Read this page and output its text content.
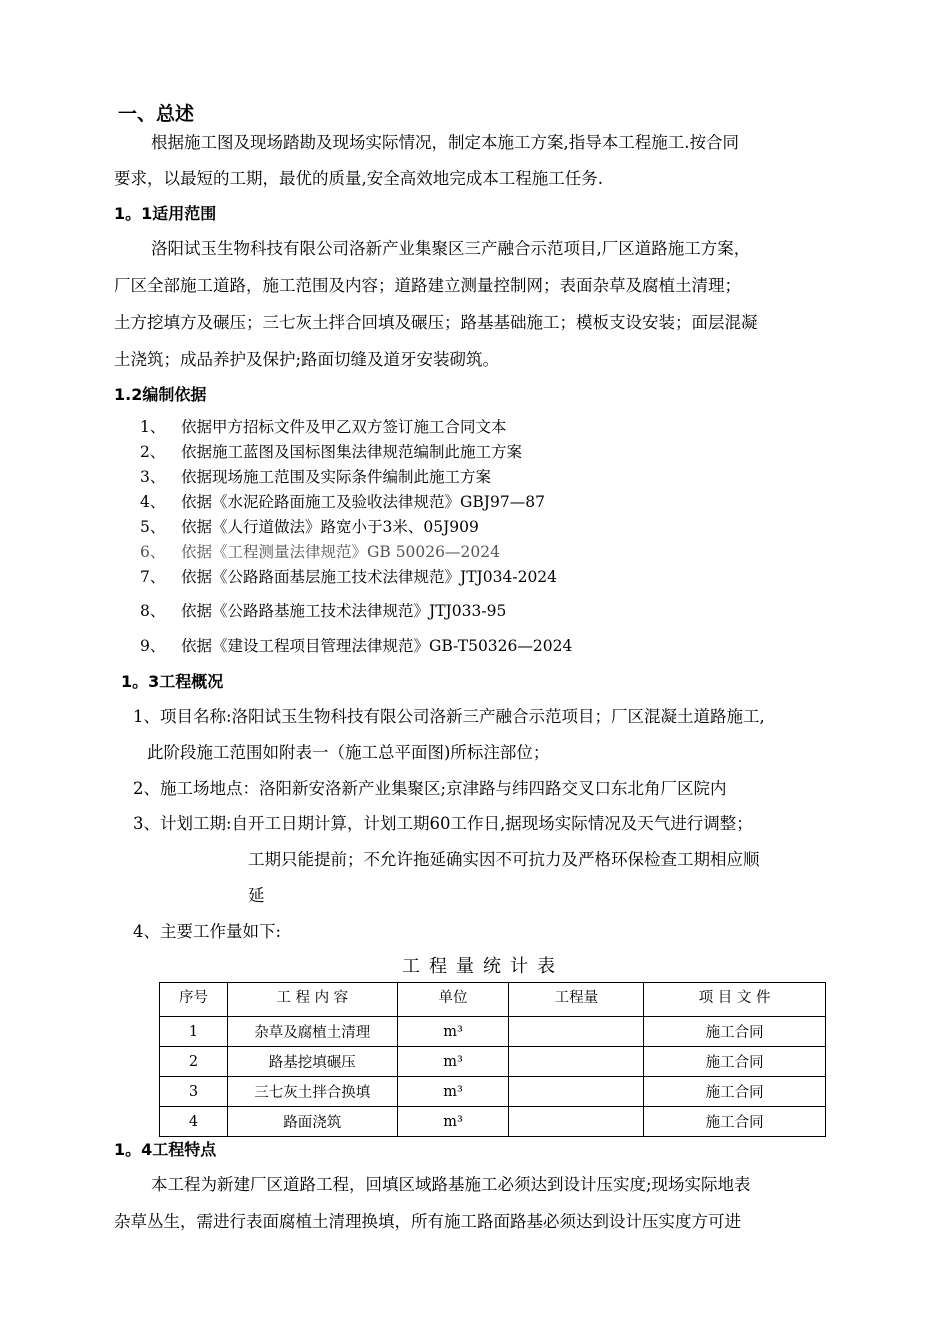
一、总述
根据施工图及现场踏勘及现场实际情况，制定本施工方案,指导本工程施工.按合同
要求，以最短的工期，最优的质量,安全高效地完成本工程施工任务.
1。1适用范围
洛阳试玉生物科技有限公司洛新产业集聚区三产融合示范项目,厂区道路施工方案，
厂区全部施工道路，施工范围及内容；道路建立测量控制网；表面杂草及腐植土清理；
土方挖填方及碾压；三七灰土拌合回填及碾压；路基基础施工；模板支设安装；面层混凝
土浇筑；成品养护及保护;路面切缝及道牙安装砌筑。
1.2编制依据
1、 依据甲方招标文件及甲乙双方签订施工合同文本
2、 依据施工蓝图及国标图集法律规范编制此施工方案
3、 依据现场施工范围及实际条件编制此施工方案
4、 依据《水泥砼路面施工及验收法律规范》GBJ97—87
5、 依据《人行道做法》路宽小于3米、05J909
6、 依据《工程测量法律规范》GB 50026—2024
7、 依据《公路路面基层施工技术法律规范》JTJ034-2024
8、 依据《公路路基施工技术法律规范》JTJ033-95
9、 依据《建设工程项目管理法律规范》GB-T50326—2024
1。3工程概况
1、项目名称:洛阳试玉生物科技有限公司洛新三产融合示范项目；厂区混凝土道路施工,
此阶段施工范围如附表一（施工总平面图)所标注部位；
2、施工场地点：洛阳新安洛新产业集聚区;京津路与纬四路交叉口东北角厂区院内
3、计划工期:自开工日期计算，计划工期60工作日,据现场实际情况及天气进行调整；
工期只能提前；不允许拖延确实因不可抗力及严格环保检查工期相应顺
延
4、主要工作量如下:
工程量统计表
序号	工 程 内 容	单位	工程量	项 目 文 件
1	杂草及腐植土清理	m³		施工合同
2	路基挖填碾压	m³		施工合同
3	三七灰土拌合换填	m³		施工合同
4	路面浇筑	m³		施工合同
1。4工程特点
本工程为新建厂区道路工程，回填区域路基施工必须达到设计压实度;现场实际地表
杂草丛生，需进行表面腐植土清理换填，所有施工路面路基必须达到设计压实度方可进
